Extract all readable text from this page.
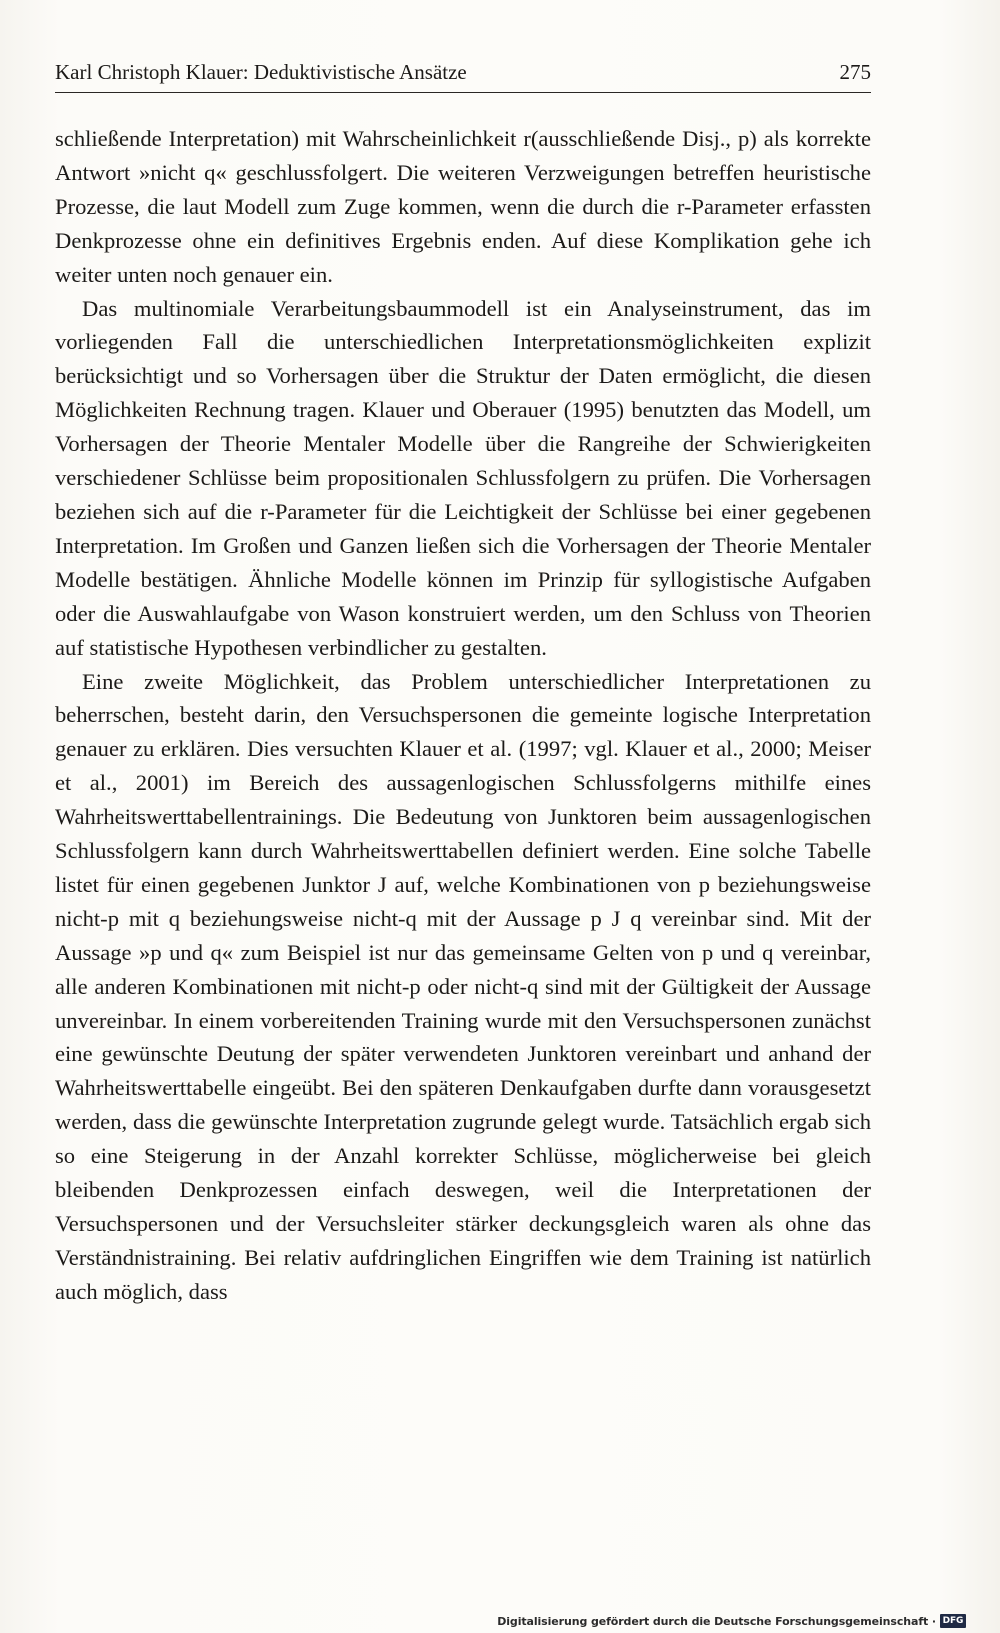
Karl Christoph Klauer: Deduktivistische Ansätze	275

schließende Interpretation) mit Wahrscheinlichkeit r(ausschließende Disj., p) als korrekte Antwort »nicht q« geschlussfolgert. Die weiteren Verzweigungen betreffen heuristische Prozesse, die laut Modell zum Zuge kommen, wenn die durch die r-Parameter erfassten Denkprozesse ohne ein definitives Ergebnis enden. Auf diese Komplikation gehe ich weiter unten noch genauer ein.

Das multinomiale Verarbeitungsbaummodell ist ein Analyseinstrument, das im vorliegenden Fall die unterschiedlichen Interpretationsmöglichkeiten explizit berücksichtigt und so Vorhersagen über die Struktur der Daten ermöglicht, die diesen Möglichkeiten Rechnung tragen. Klauer und Oberauer (1995) benutzten das Modell, um Vorhersagen der Theorie Mentaler Modelle über die Rangreihe der Schwierigkeiten verschiedener Schlüsse beim propositionalen Schlussfolgern zu prüfen. Die Vorhersagen beziehen sich auf die r-Parameter für die Leichtigkeit der Schlüsse bei einer gegebenen Interpretation. Im Großen und Ganzen ließen sich die Vorhersagen der Theorie Mentaler Modelle bestätigen. Ähnliche Modelle können im Prinzip für syllogistische Aufgaben oder die Auswahlaufgabe von Wason konstruiert werden, um den Schluss von Theorien auf statistische Hypothesen verbindlicher zu gestalten.

Eine zweite Möglichkeit, das Problem unterschiedlicher Interpretationen zu beherrschen, besteht darin, den Versuchspersonen die gemeinte logische Interpretation genauer zu erklären. Dies versuchten Klauer et al. (1997; vgl. Klauer et al., 2000; Meiser et al., 2001) im Bereich des aussagenlogischen Schlussfolgerns mithilfe eines Wahrheitswerttabellentrainings. Die Bedeutung von Junktoren beim aussagenlogischen Schlussfolgern kann durch Wahrheitswerttabellen definiert werden. Eine solche Tabelle listet für einen gegebenen Junktor J auf, welche Kombinationen von p beziehungsweise nicht-p mit q beziehungsweise nicht-q mit der Aussage p J q vereinbar sind. Mit der Aussage »p und q« zum Beispiel ist nur das gemeinsame Gelten von p und q vereinbar, alle anderen Kombinationen mit nicht-p oder nicht-q sind mit der Gültigkeit der Aussage unvereinbar. In einem vorbereitenden Training wurde mit den Versuchspersonen zunächst eine gewünschte Deutung der später verwendeten Junktoren vereinbart und anhand der Wahrheitswerttabelle eingeübt. Bei den späteren Denkaufgaben durfte dann vorausgesetzt werden, dass die gewünschte Interpretation zugrunde gelegt wurde. Tatsächlich ergab sich so eine Steigerung in der Anzahl korrekter Schlüsse, möglicherweise bei gleich bleibenden Denkprozessen einfach deswegen, weil die Interpretationen der Versuchspersonen und der Versuchsleiter stärker deckungsgleich waren als ohne das Verständnistraining. Bei relativ aufdringlichen Eingriffen wie dem Training ist natürlich auch möglich, dass

Digitalisierung gefördert durch die Deutsche Forschungsgemeinschaft · DFG
